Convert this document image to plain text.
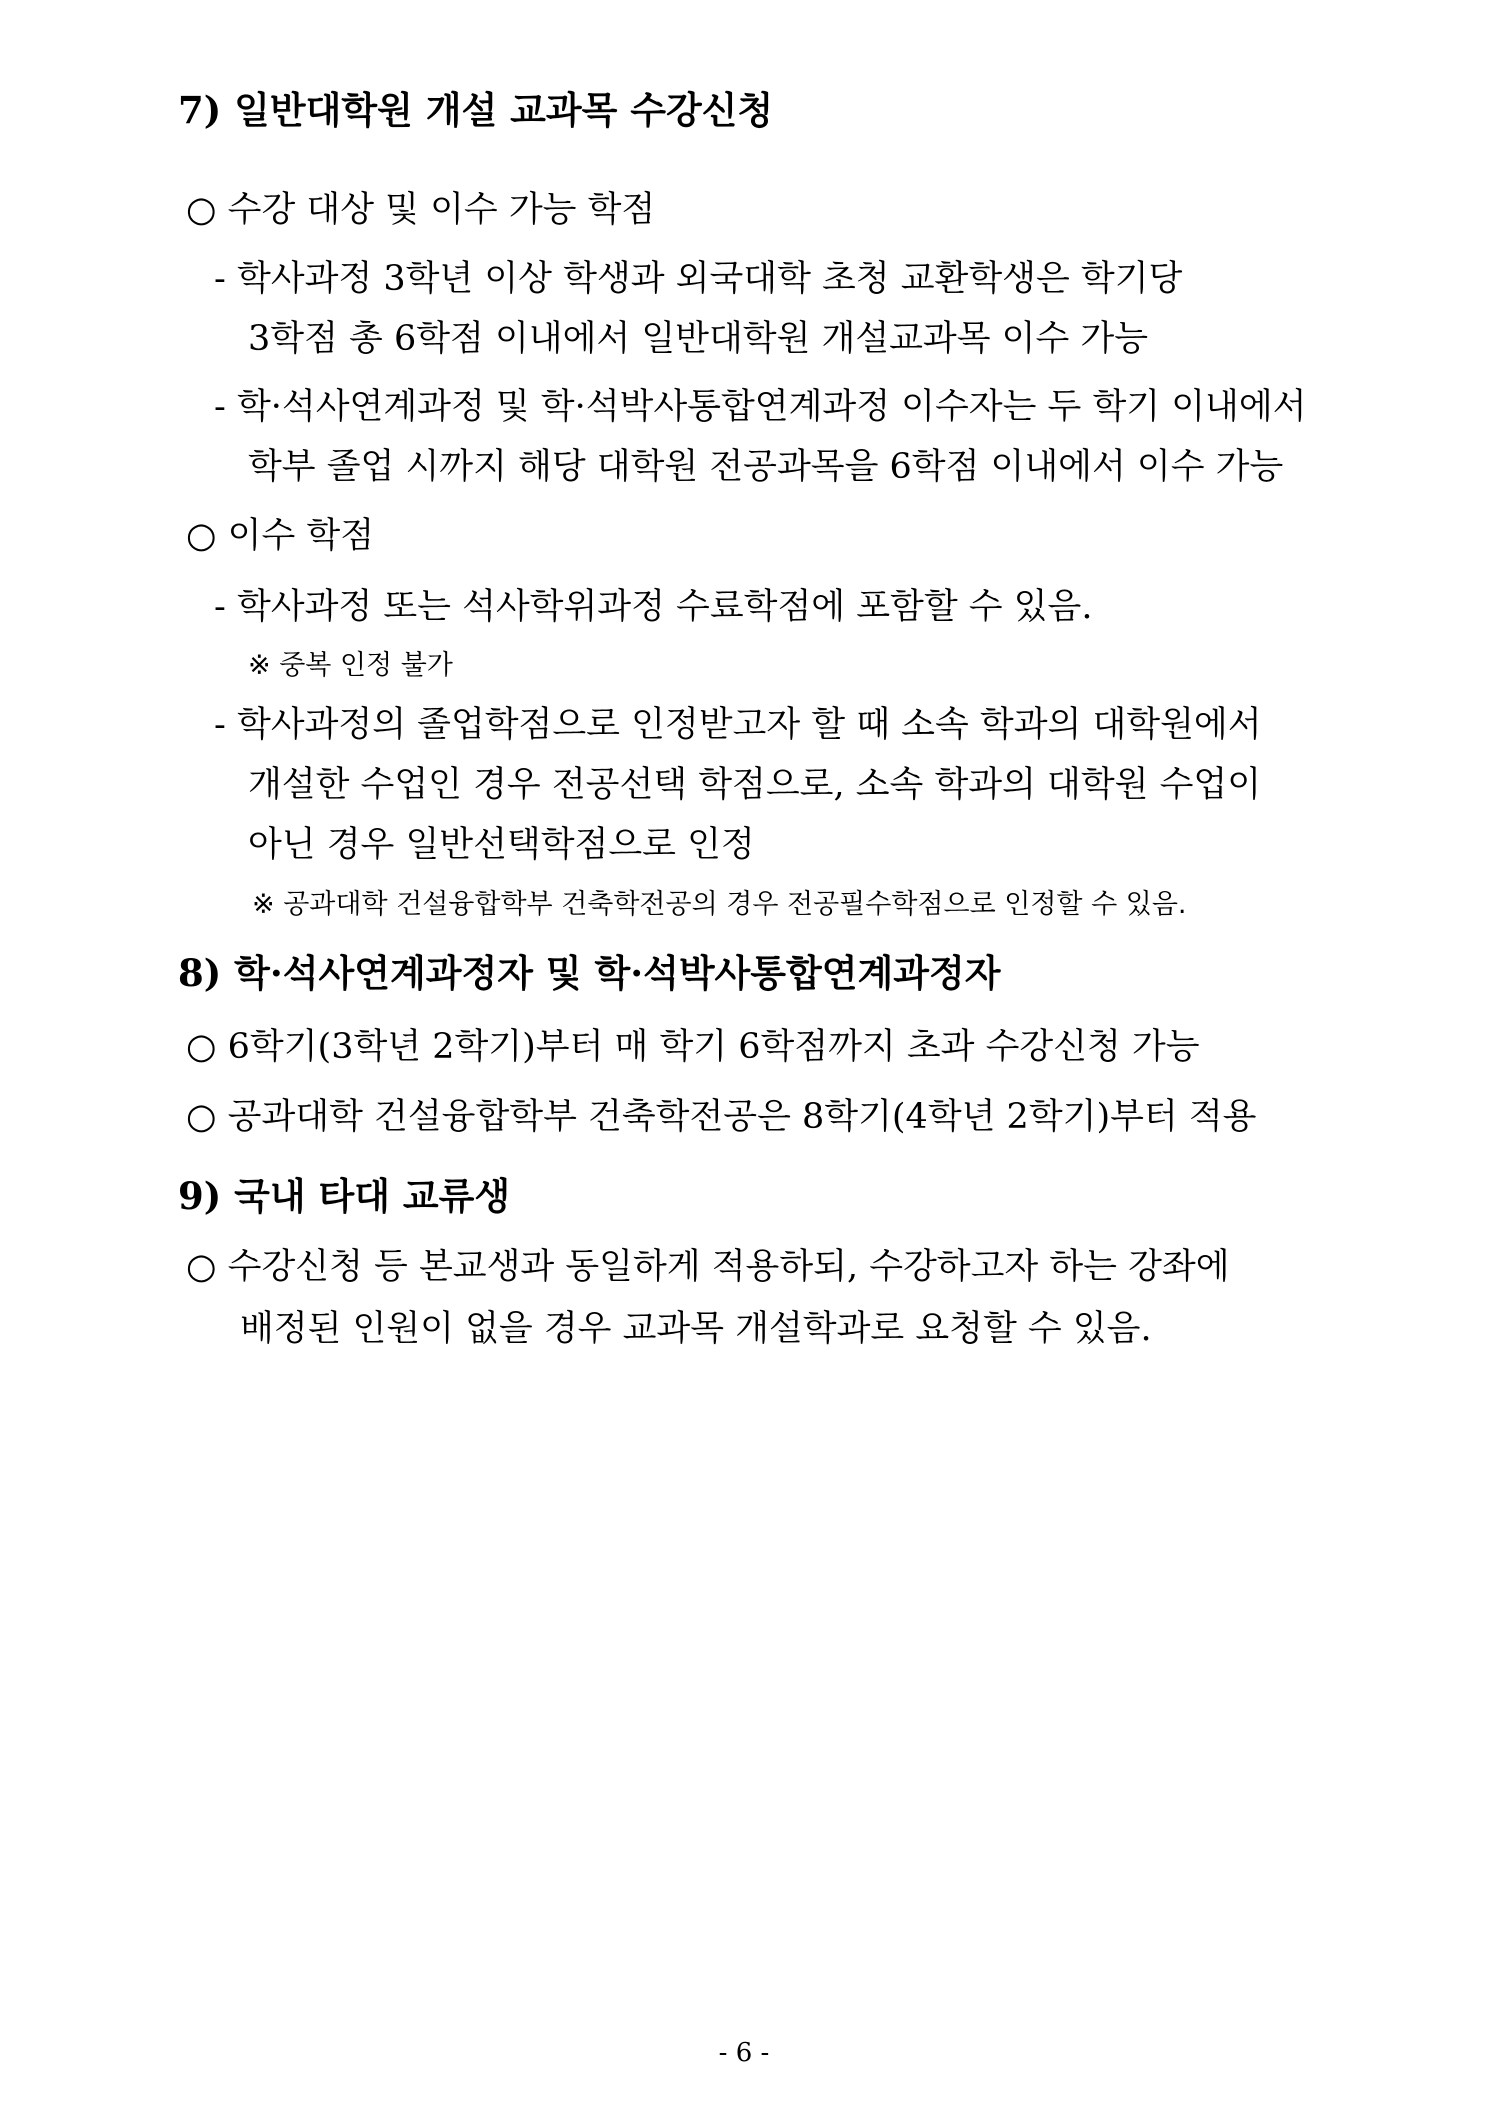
7) 일반대학원 개설 교과목 수강신청
○ 수강 대상 및 이수 가능 학점
- 학사과정 3학년 이상 학생과 외국대학 초청 교환학생은 학기당
3학점 총 6학점 이내에서 일반대학원 개설교과목 이수 가능
- 학·석사연계과정 및 학·석박사통합연계과정 이수자는 두 학기 이내에서
학부 졸업 시까지 해당 대학원 전공과목을 6학점 이내에서 이수 가능
○ 이수 학점
- 학사과정 또는 석사학위과정 수료학점에 포함할 수 있음.
※ 중복 인정 불가
- 학사과정의 졸업학점으로 인정받고자 할 때 소속 학과의 대학원에서
개설한 수업인 경우 전공선택 학점으로, 소속 학과의 대학원 수업이
아닌 경우 일반선택학점으로 인정
※ 공과대학 건설융합학부 건축학전공의 경우 전공필수학점으로 인정할 수 있음.
8) 학·석사연계과정자 및 학·석박사통합연계과정자
○ 6학기(3학년 2학기)부터 매 학기 6학점까지 초과 수강신청 가능
○ 공과대학 건설융합학부 건축학전공은 8학기(4학년 2학기)부터 적용
9) 국내 타대 교류생
○ 수강신청 등 본교생과 동일하게 적용하되, 수강하고자 하는 강좌에
배정된 인원이 없을 경우 교과목 개설학과로 요청할 수 있음.
- 6 -
